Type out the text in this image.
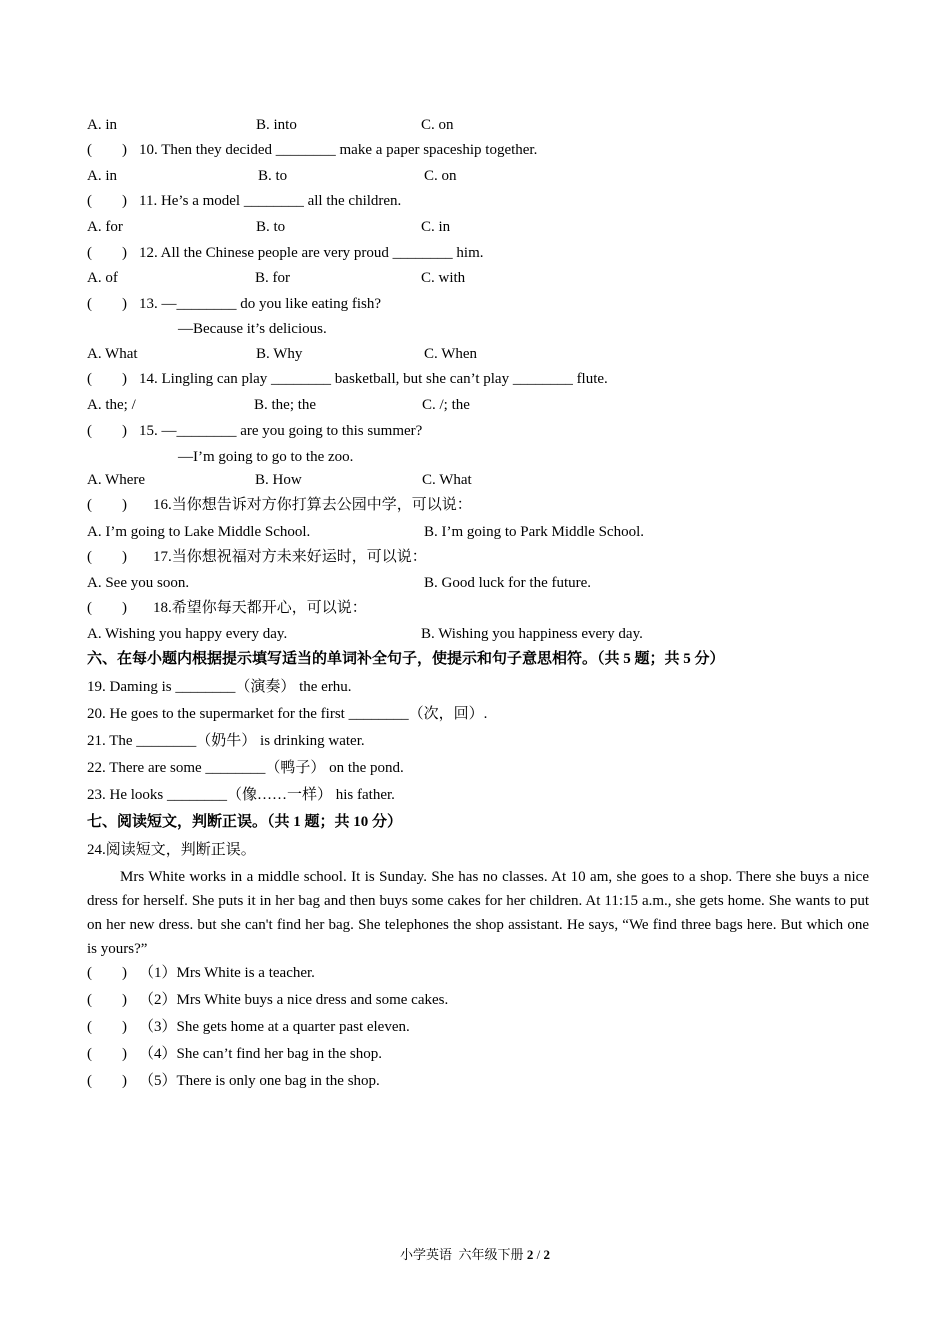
A. in	B. into	C. on
(　　) 10. Then they decided ________ make a paper spaceship together.
A. in	B. to	C. on
(　　) 11. He’s a model ________ all the children.
A. for	B. to	C. in
(　　) 12. All the Chinese people are very proud ________ him.
A. of	B. for	C. with
(　　) 13. —________ do you like eating fish?
—Because it’s delicious.
A. What	B. Why	C. When
(　　) 14. Lingling can play ________ basketball, but she can’t play ________ flute.
A. the; /	B. the; the	C. /; the
(　　) 15. —________ are you going to this summer?
—I’m going to go to the zoo.
A. Where	B. How	C. What
(　　) 16.当你想告诉对方你打算去公园中学，可以说：
A. I’m going to Lake Middle School.	B. I’m going to Park Middle School.
(　　) 17.当你想祝福对方未来好运时，可以说：
A. See you soon.	B. Good luck for the future.
(　　) 18.希望你每天都开心，可以说：
A. Wishing you happy every day.	B. Wishing you happiness every day.
六、在每小题内根据提示填写适当的单词补全句子，使提示和句子意思相符。（共 5 题；共 5 分）
19. Daming is ________（演奏） the erhu.
20. He goes to the supermarket for the first ________（次，回）.
21. The ________（奶牛） is drinking water.
22. There are some ________（鸭子） on the pond.
23. He looks ________（像……一样） his father.
七、阅读短文，判断正误。（共 1 题；共 10 分）
24.阅读短文，判断正误。
Mrs White works in a middle school. It is Sunday. She has no classes. At 10 am, she goes to a shop. There she buys a nice dress for herself. She puts it in her bag and then buys some cakes for her children. At 11:15 a.m., she gets home. She wants to put on her new dress. but she can't find her bag. She telephones the shop assistant. He says, “We find three bags here. But which one is yours?”
(　　) （1）Mrs White is a teacher.
(　　) （2）Mrs White buys a nice dress and some cakes.
(　　) （3）She gets home at a quarter past eleven.
(　　) （4）She can’t find her bag in the shop.
(　　) （5）There is only one bag in the shop.
小学英语  六年级下册 2 / 2
